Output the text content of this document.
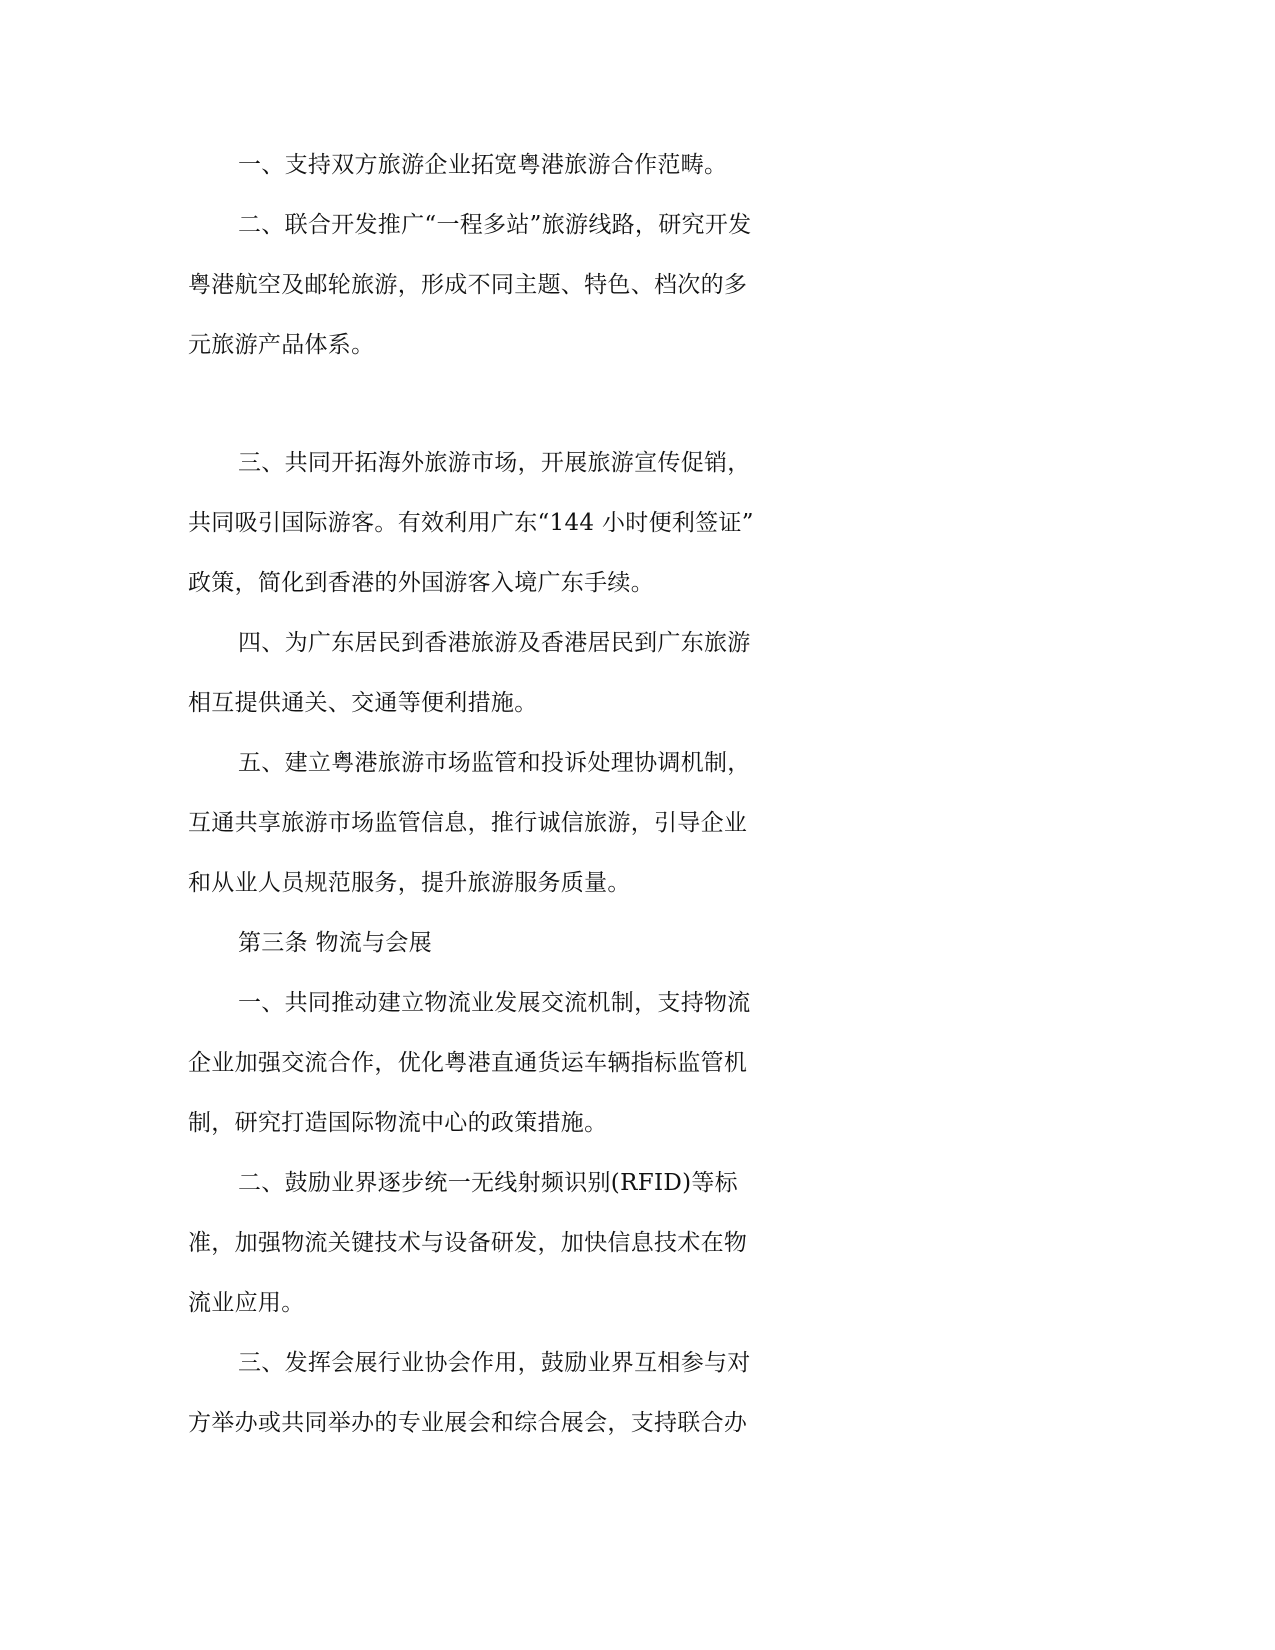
一、支持双方旅游企业拓宽粤港旅游合作范畴。
二、联合开发推广“一程多站”旅游线路，研究开发
粤港航空及邮轮旅游，形成不同主题、特色、档次的多
元旅游产品体系。
三、共同开拓海外旅游市场，开展旅游宣传促销，
共同吸引国际游客。有效利用广东“144 小时便利签证”
政策，简化到香港的外国游客入境广东手续。
四、为广东居民到香港旅游及香港居民到广东旅游
相互提供通关、交通等便利措施。
五、建立粤港旅游市场监管和投诉处理协调机制，
互通共享旅游市场监管信息，推行诚信旅游，引导企业
和从业人员规范服务，提升旅游服务质量。
第三条 物流与会展
一、共同推动建立物流业发展交流机制，支持物流
企业加强交流合作，优化粤港直通货运车辆指标监管机
制，研究打造国际物流中心的政策措施。
二、鼓励业界逐步统一无线射频识别(RFID)等标
准，加强物流关键技术与设备研发，加快信息技术在物
流业应用。
三、发挥会展行业协会作用，鼓励业界互相参与对
方举办或共同举办的专业展会和综合展会，支持联合办
